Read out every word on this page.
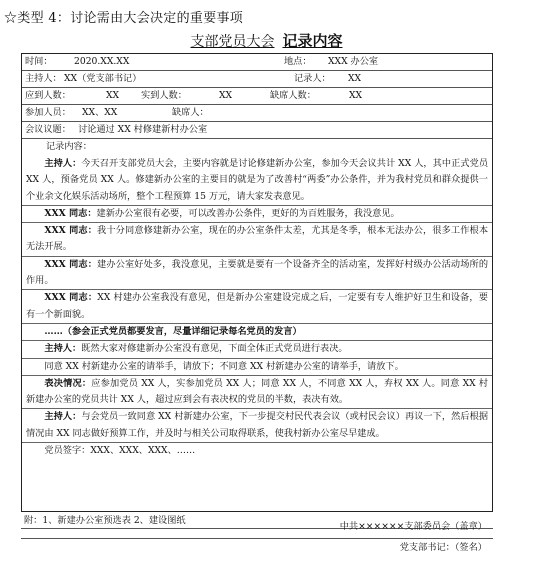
☆类型 4：讨论需由大会决定的重要事项
支部党员大会 记录内容
时间： 2020.XX.XX	地点： XXX 办公室
主持人： XX（党支部书记）	记录人： XX
应到人数：	XX 实到人数：	XX	缺席人数：	XX
参加人员： XX、XX	缺席人：
会议议题： 讨论通过 XX 村修建新村办公室
记录内容：

主持人：今天召开支部党员大会，主要内容就是讨论修建新办公室，参加今天会议共计 XX 人，其中正式党员 XX 人，预备党员 XX 人。修建新办公室的主要目的就是为了改善村“两委”办公条件，并为我村党员和群众提供一个业余文化娱乐活动场所，整个工程预算 15 万元，请大家发表意见。

XXX 同志：建新办公室很有必要，可以改善办公条件，更好的为百姓服务，我没意见。

XXX 同志：我十分同意修建新办公室，现在的办公室条件太差，尤其是冬季，根本无法办公，很多工作根本无法开展。

XXX 同志：建办公室好处多，我没意见，主要就是要有一个设备齐全的活动室，发挥好村级办公活动场所的作用。

XXX 同志：XX 村建办公室我没有意见，但是新办公室建设完成之后，一定要有专人维护好卫生和设备，要有一个新面貌。

……（参会正式党员都要发言，尽量详细记录每名党员的发言）

主持人：既然大家对修建新办公室没有意见，下面全体正式党员进行表决。

同意 XX 村新建办公室的请举手，请放下；不同意 XX 村新建办公室的请举手，请放下。

表决情况：应参加党员 XX 人，实参加党员 XX 人；同意 XX 人，不同意 XX 人，弃权 XX 人。同意 XX 村新建办公室的党员共计 XX 人，超过应到会有表决权的党员的半数，表决有效。

主持人：与会党员一致同意 XX 村新建办公室，下一步提交村民代表会议（或村民会议）再议一下，然后根据情况由 XX 同志做好预算工作，并及时与相关公司取得联系，使我村新办公室尽早建成。

党员签字：XXX、XXX、XXX、……

附：1、新建办公室预选表 2、建设图纸
中共××××××支部委员会（盖章）
党支部书记：（签名）
